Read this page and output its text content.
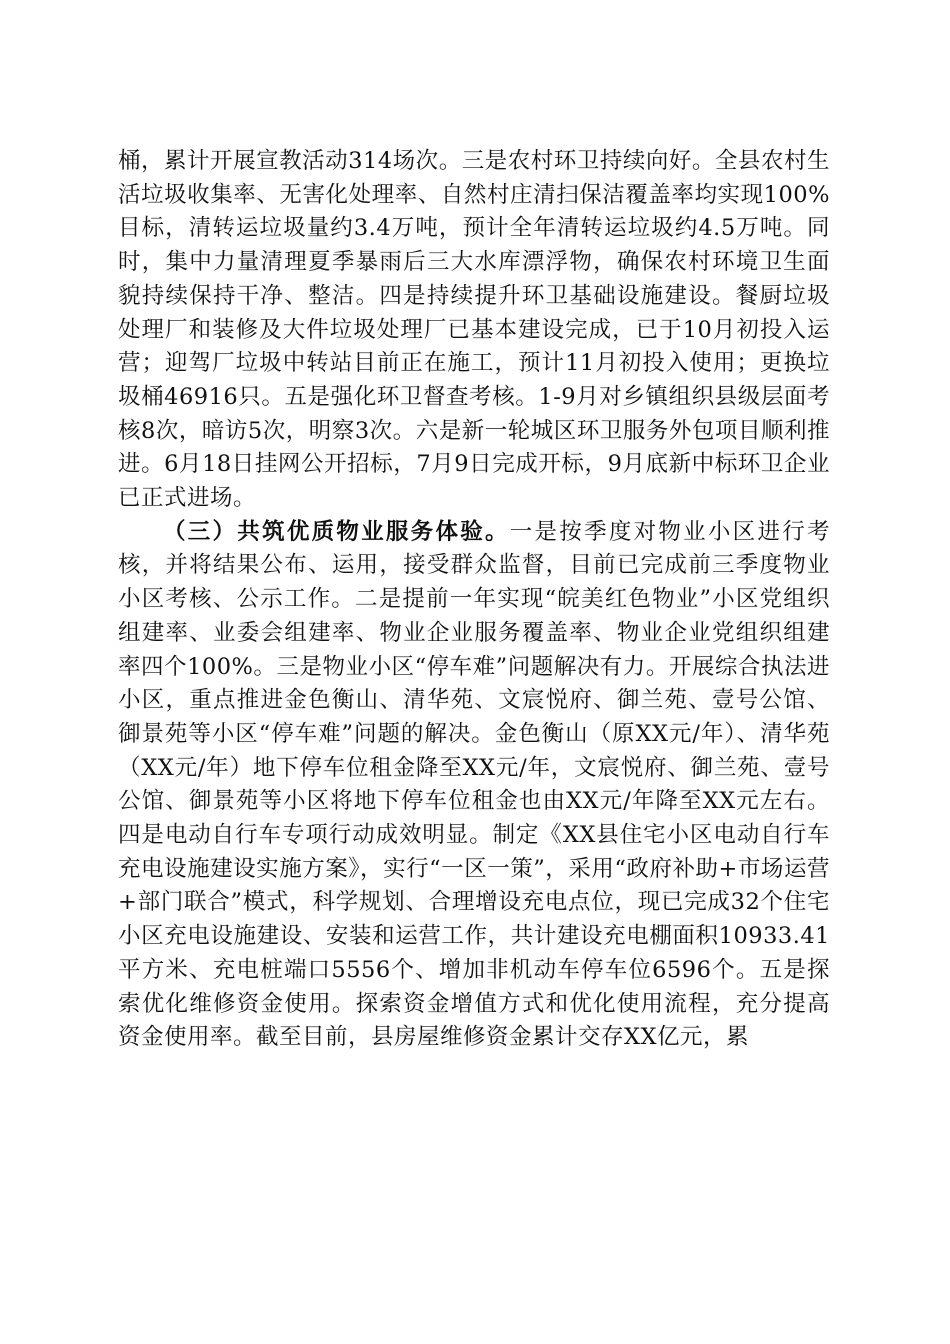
桶，累计开展宣教活动314场次。三是农村环卫持续向好。全县农村生活垃圾收集率、无害化处理率、自然村庄清扫保洁覆盖率均实现100%目标，清转运垃圾量约3.4万吨，预计全年清转运垃圾约4.5万吨。同时，集中力量清理夏季暴雨后三大水库漂浮物，确保农村环境卫生面貌持续保持干净、整洁。四是持续提升环卫基础设施建设。餐厨垃圾处理厂和装修及大件垃圾处理厂已基本建设完成，已于10月初投入运营；迎驾厂垃圾中转站目前正在施工，预计11月初投入使用；更换垃圾桶46916只。五是强化环卫督查考核。1-9月对乡镇组织县级层面考核8次，暗访5次，明察3次。六是新一轮城区环卫服务外包项目顺利推进。6月18日挂网公开招标，7月9日完成开标，9月底新中标环卫企业已正式进场。

（三）共筑优质物业服务体验。一是按季度对物业小区进行考核，并将结果公布、运用，接受群众监督，目前已完成前三季度物业小区考核、公示工作。二是提前一年实现“皖美红色物业”小区党组织组建率、业委会组建率、物业企业服务覆盖率、物业企业党组织组建率四个100%。三是物业小区“停车难”问题解决有力。开展综合执法进小区，重点推进金色衡山、清华苑、文宸悦府、御兰苑、壹号公馆、御景苑等小区“停车难”问题的解决。金色衡山（原XX元/年）、清华苑（XX元/年）地下停车位租金降至XX元/年，文宸悦府、御兰苑、壹号公馆、御景苑等小区将地下停车位租金也由XX元/年降至XX元左右。四是电动自行车专项行动成效明显。制定《XX县住宅小区电动自行车充电设施建设实施方案》，实行“一区一策”，采用“政府补助+市场运营+部门联合”模式，科学规划、合理增设充电点位，现已完成32个住宅小区充电设施建设、安装和运营工作，共计建设充电棚面积10933.41平方米、充电桩端口5556个、增加非机动车停车位6596个。五是探索优化维修资金使用。探索资金增值方式和优化使用流程，充分提高资金使用率。截至目前，县房屋维修资金累计交存XX亿元，累
